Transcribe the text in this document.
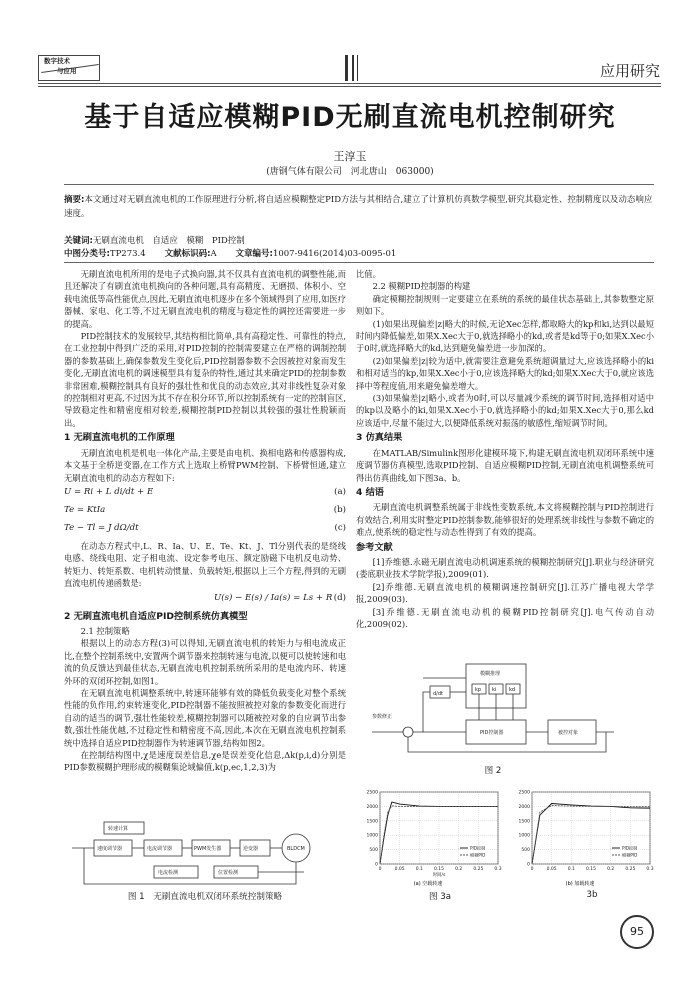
数字技术
与应用	应用研究
基于自适应模糊PID无刷直流电机控制研究
王淳玉
(唐钢气体有限公司　河北唐山　063000)
摘要:本文通过对无刷直流电机的工作原理进行分析,将自适应模糊整定PID方法与其相结合,建立了计算机仿真数学模型,研究其稳定性、控制精度以及动态响应速度。
关键词:无刷直流电机　自适应　模糊　PID控制
中图分类号:TP273.4 文献标识码:A 文章编号:1007-9416(2014)03-0095-01

无刷直流电机所用的是电子式换向器,其不仅具有直流电机的调整性能,而且还解决了有刷直流电机换向的各种问题,具有高精度、无磨损、体积小、空载电流低等高性能优点,因此,无刷直流电机逐步在多个领域得到了应用,如医疗器械、家电、化工等,不过无刷直流电机的精度与稳定性的调控还需要进一步的提高。

PID控制技术的发展较早,其结构相比简单,具有高稳定性、可靠性的特点,在工业控制中得到广泛的采用,对PID控制的控制需要建立在严格的调制控制器的参数基础上,确保参数发生变化后,PID控制器参数不会因被控对象而发生变化,无刷直流电机的调速模型具有复杂的特性,通过其来确定PID的控制参数非常困难,模糊控制具有良好的强壮性和优良的动态效应,其对非线性复杂对象的控制相对更高,不过因为其不存在积分环节,所以控制系统有一定的控制盲区,导致稳定性和精密度相对较差,模糊控制PID控制以其较强的强壮性脱颖而出。

1 无刷直流电机的工作原理

无刷直流电机是机电一体化产品,主要是由电机、换相电路和传感器构成,本文基于全桥逆变器,在工作方式上选取上桥臂PWM控制、下桥臂恒通,建立无刷直流电机的动态方程如下:

U = Ri + L di/dt + E	(a)
Te = KtIa	(b)
Te − Tl = J dΩ/dt	(c)

在动态方程式中,L、R、Ia、U、E、Te、Kt、J、Tl分别代表的是绕线电感、绕线电阻、定子相电流、设定参考电压、额定励磁下电机反电动势、转矩力、转矩系数、电机转动惯量、负载转矩,根据以上三个方程,得到的无刷直流电机传递函数是:

U(s) − E(s) / Ia(s) = Ls + R (d)
2 无刷直流电机自适应PID控制系统仿真模型

2.1 控制策略

根据以上的动态方程(3)可以得知,无刷直流电机的转矩力与相电流成正比,在整个控制系统中,安置两个调节器来控制转速与电流,以便可以使转速和电流的负反馈达到最佳状态,无刷直流电机控制系统所采用的是电流内环、转速外环的双闭环控制,如图1。

在无刷直流电机调整系统中,转速环能够有效的降低负载变化对整个系统性能的负作用,约束转速变化,PID控制器不能按照被控对象的参数变化而进行自动的适当的调节,强壮性能较差,模糊控制器可以随被控对象的自应调节出参数,强壮性能优越,不过稳定性和精密度不高,因此,本次在无刷直流电机控制系统中选择自适应PID控制器作为转速调节器,结构如图2。

在控制结构图中,χ是速度误差信息,χe是误差变化信息,Δk(p,i,d)分别是PID参数模糊护理形成的模糊集论域偏值,k(p,ec,1,2,3)为

速度调节器	电流调节器	PWM发生器	逆变器	BLDCM
电流检测	位置检测
转速计算
图 1　无刷直流电机双闭环系统控制策略

比值。

2.2 模糊PID控制器的构建

确定模糊控制规则一定要建立在系统的系统的最佳状态基础上,其参数整定原则如下。

(1)如果出现偏差|z|略大的时候,无论Xec怎样,都取略大的kp和ki,达到以最短时间内降低偏差,如果X.Xec大于0,就选择略小的kd,或者是kd等于0;如果X.Xec小于0时,就选择略大的kd,达到避免偏差进一步加深的。

(2)如果偏差|z|较为适中,就需要注意避免系统超调量过大,应该选择略小的ki和相对适当的kp,如果X.Xec小于0,应该选择略大的kd;如果X.Xec大于0,就应该选择中等程度值,用来避免偏差增大。

(3)如果偏差|z|略小,或者为0时,可以尽量减少系统的调节时间,选择相对适中的kp以及略小的ki,如果X.Xec小于0,就选择略小的kd;如果X.Xec大于0,那么kd应该适中,尽量不能过大,以便降低系统对振荡的敏感性,缩短调节时间。

3 仿真结果

在MATLAB/Simulink图形化建模环境下,构建无刷直流电机双闭环系统中速度调节器仿真模型,选取PID控制、自适应模糊PID控制,无刷直流电机调整系统可得出仿真曲线,如下图3a、b。

4 结语

无刷直流电机调整系统属于非线性变数系统,本文将模糊控制与PID控制进行有效结合,利用实时整定PID控制参数,能够很好的处理系统非线性与参数不确定的难点,使系统的稳定性与动态性得到了有效的提高。

参考文献

[1]乔维德.永磁无刷直流电动机调速系统的模糊控制研究[J].职业与经济研究(娄底职业技术学院学报),2009(01).

[2]乔维德.无刷直流电机的模糊调速控制研究[J].江苏广播电视大学学报,2009(03).

[3]乔维德.无刷直流电动机的模糊PID控制研究[J].电气传动自动化,2009(02).

模糊推理
PID控制器	被控对象
参数修正
kp ki	kd
d/dt
图 2
(a) 空载转速
2500
2000
1500
1000
500
0
0	0.05 0.1 0.15 0.2 0.25 0.3
时间/s
PID控制
模糊PID
(b) 加载转速
2500
2000
1500
1000
500
0
0	0.05 0.1 0.15 0.2 0.25 0.3
PID控制
模糊PID
图 3a	3b
95
